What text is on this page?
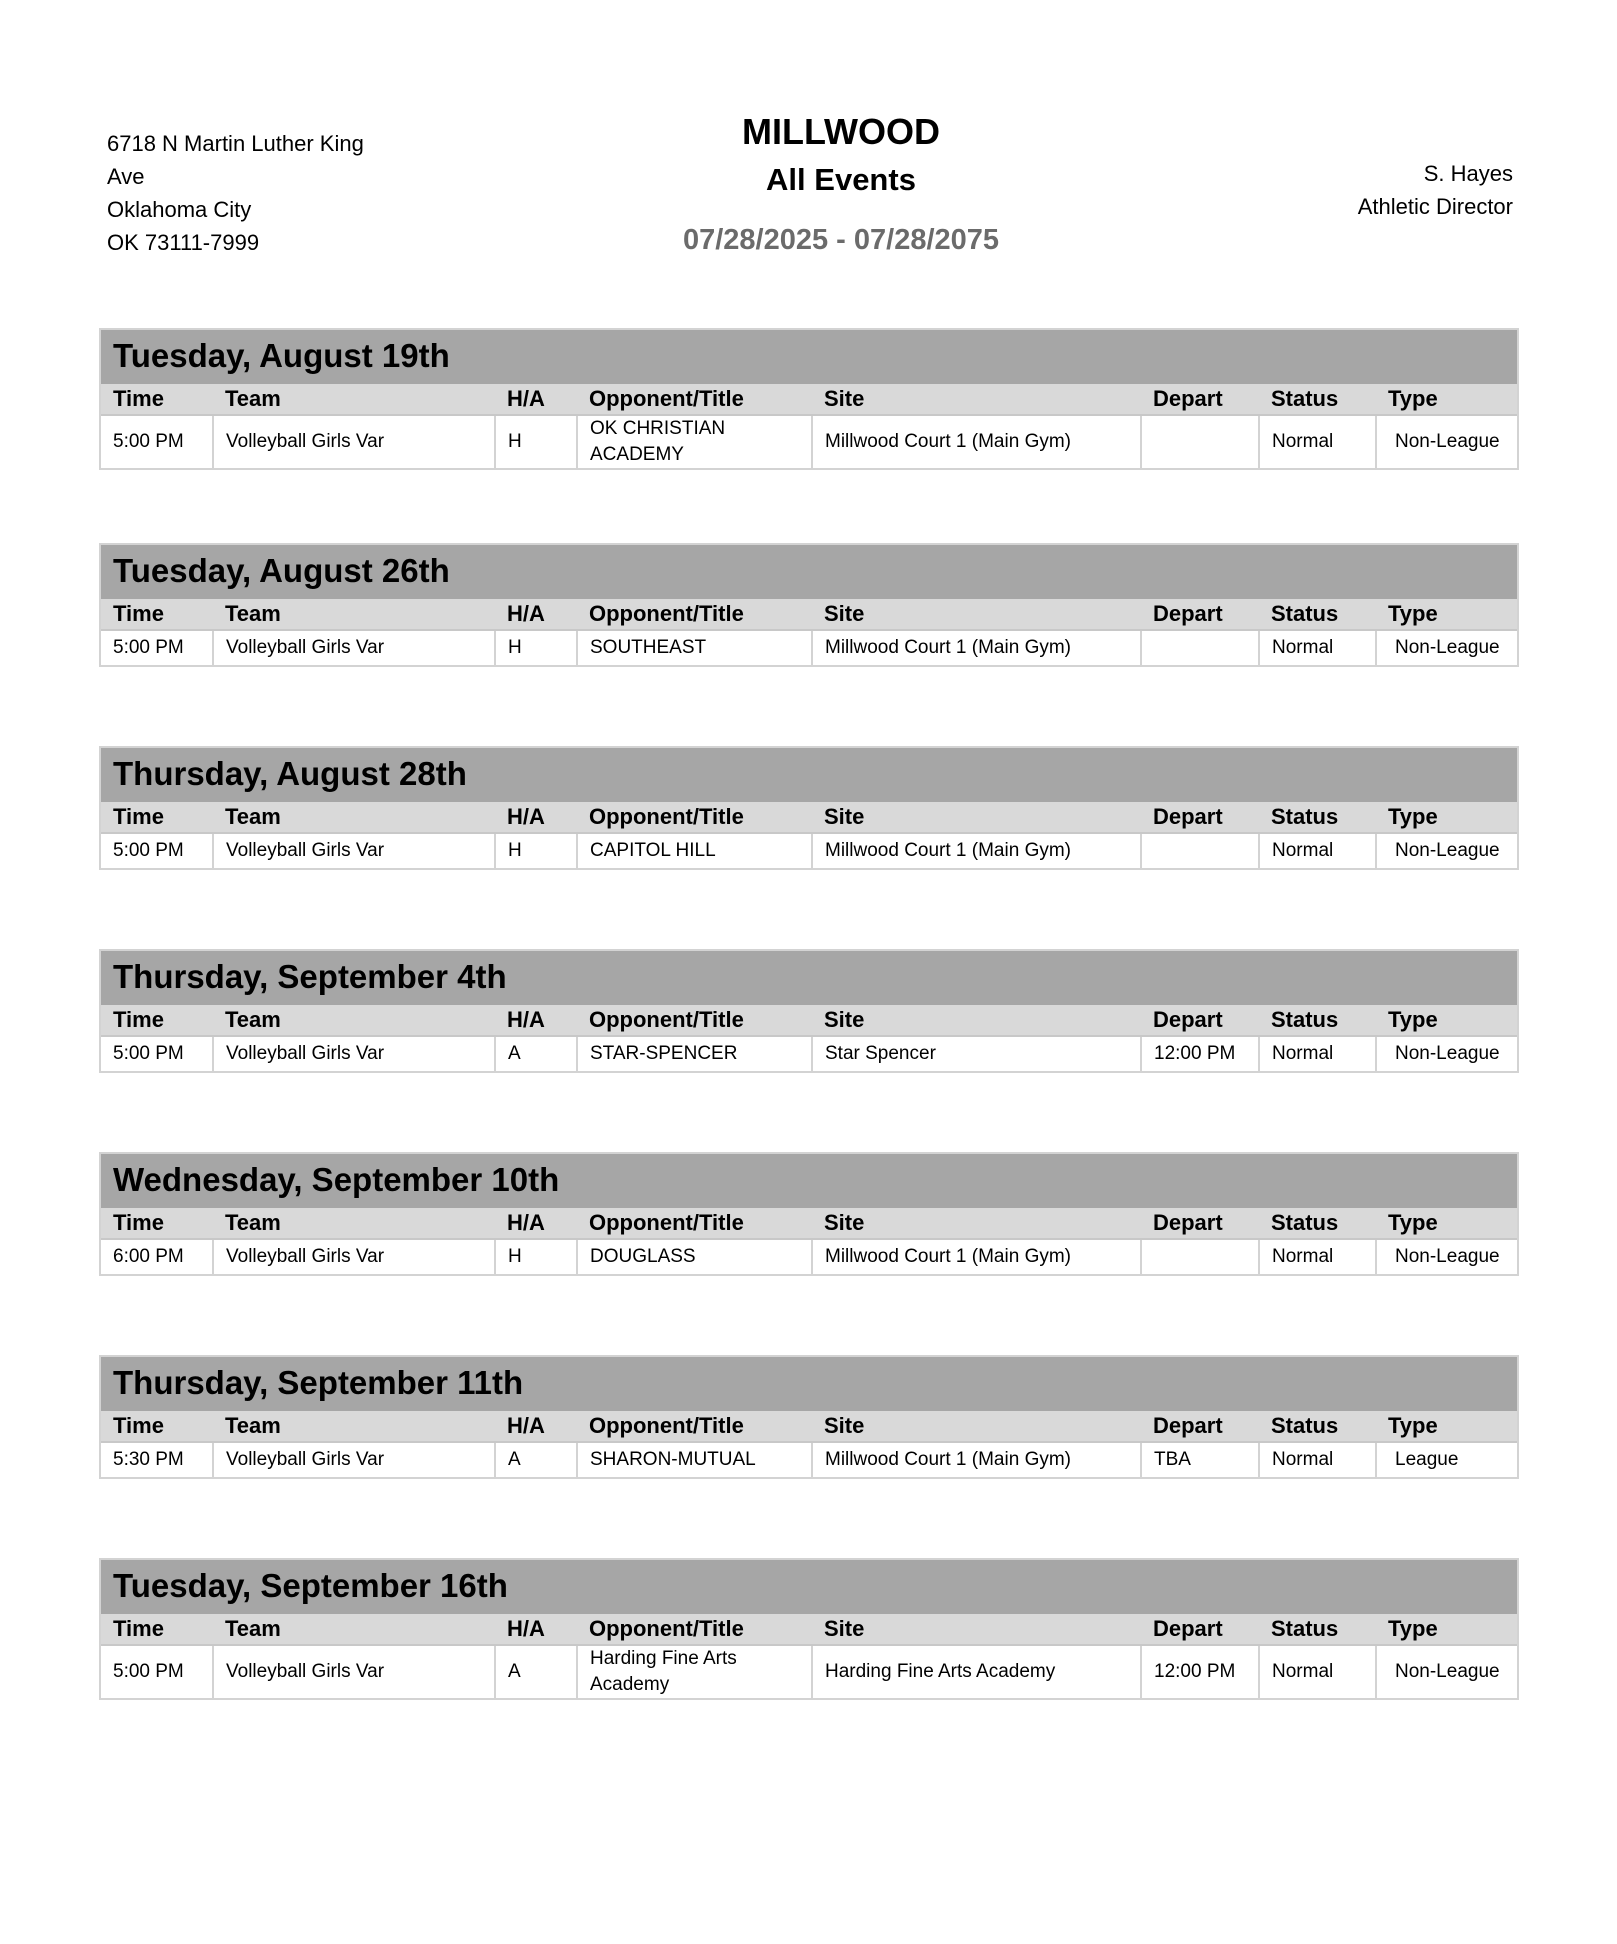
6718 N Martin Luther King Ave
Oklahoma City
OK 73111-7999
MILLWOOD
All Events
07/28/2025 - 07/28/2075
S. Hayes
Athletic Director
Tuesday, August 19th
Time	Team	H/A	Opponent/Title	Site	Depart	Status	Type
5:00 PM	Volleyball Girls Var	H	OK CHRISTIAN ACADEMY	Millwood Court 1 (Main Gym)		Normal	Non-League
Tuesday, August 26th
Time	Team	H/A	Opponent/Title	Site	Depart	Status	Type
5:00 PM	Volleyball Girls Var	H	SOUTHEAST	Millwood Court 1 (Main Gym)		Normal	Non-League
Thursday, August 28th
Time	Team	H/A	Opponent/Title	Site	Depart	Status	Type
5:00 PM	Volleyball Girls Var	H	CAPITOL HILL	Millwood Court 1 (Main Gym)		Normal	Non-League
Thursday, September 4th
Time	Team	H/A	Opponent/Title	Site	Depart	Status	Type
5:00 PM	Volleyball Girls Var	A	STAR-SPENCER	Star Spencer	12:00 PM	Normal	Non-League
Wednesday, September 10th
Time	Team	H/A	Opponent/Title	Site	Depart	Status	Type
6:00 PM	Volleyball Girls Var	H	DOUGLASS	Millwood Court 1 (Main Gym)		Normal	Non-League
Thursday, September 11th
Time	Team	H/A	Opponent/Title	Site	Depart	Status	Type
5:30 PM	Volleyball Girls Var	A	SHARON-MUTUAL	Millwood Court 1 (Main Gym)	TBA	Normal	League
Tuesday, September 16th
Time	Team	H/A	Opponent/Title	Site	Depart	Status	Type
5:00 PM	Volleyball Girls Var	A	Harding Fine Arts Academy	Harding Fine Arts Academy	12:00 PM	Normal	Non-League
